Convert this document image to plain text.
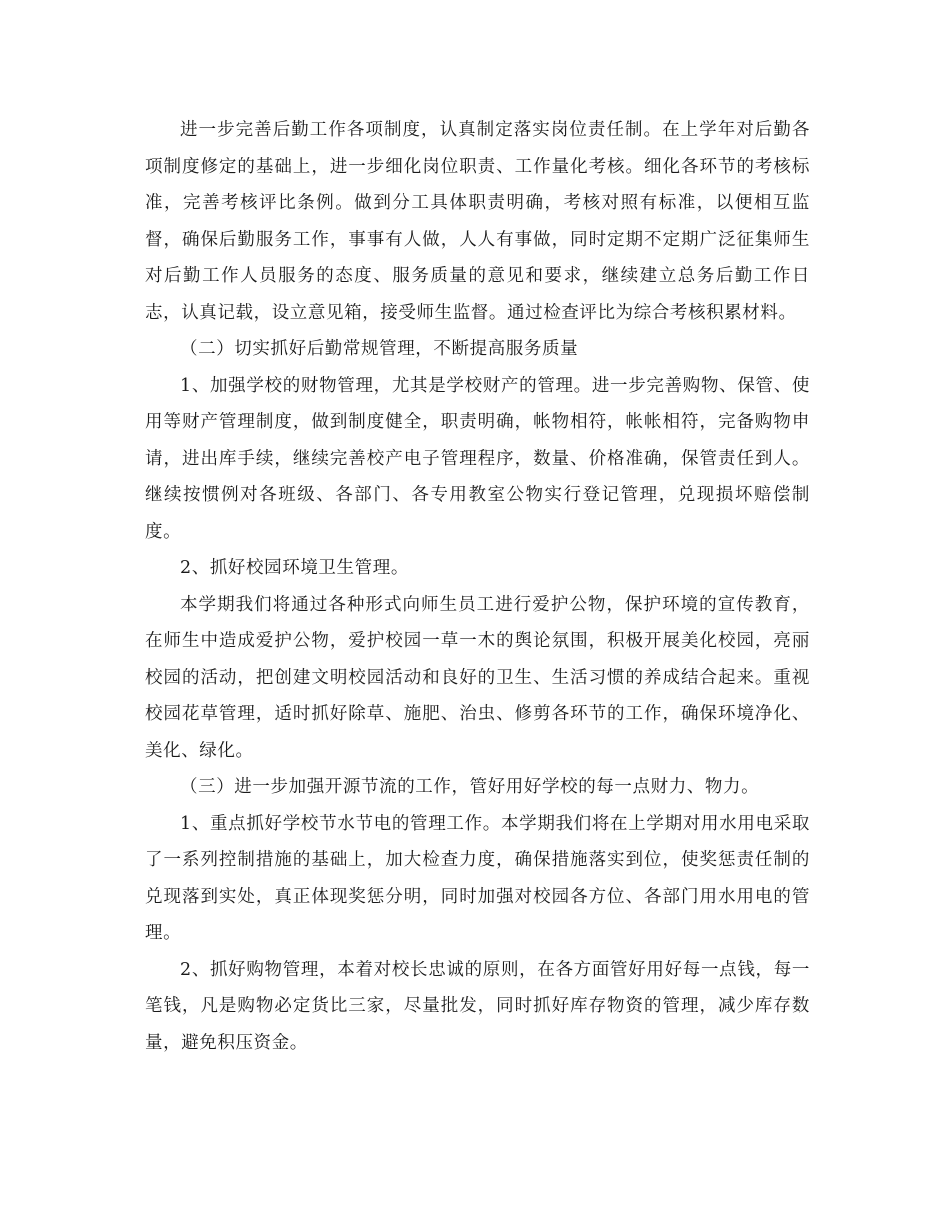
进一步完善后勤工作各项制度，认真制定落实岗位责任制。在上学年对后勤各项制度修定的基础上，进一步细化岗位职责、工作量化考核。细化各环节的考核标准，完善考核评比条例。做到分工具体职责明确，考核对照有标准，以便相互监督，确保后勤服务工作，事事有人做，人人有事做，同时定期不定期广泛征集师生对后勤工作人员服务的态度、服务质量的意见和要求，继续建立总务后勤工作日志，认真记载，设立意见箱，接受师生监督。通过检查评比为综合考核积累材料。

（二）切实抓好后勤常规管理，不断提高服务质量

1、加强学校的财物管理，尤其是学校财产的管理。进一步完善购物、保管、使用等财产管理制度，做到制度健全，职责明确，帐物相符，帐帐相符，完备购物申请，进出库手续，继续完善校产电子管理程序，数量、价格准确，保管责任到人。继续按惯例对各班级、各部门、各专用教室公物实行登记管理，兑现损坏赔偿制度。

2、抓好校园环境卫生管理。

本学期我们将通过各种形式向师生员工进行爱护公物，保护环境的宣传教育，在师生中造成爱护公物，爱护校园一草一木的舆论氛围，积极开展美化校园，亮丽校园的活动，把创建文明校园活动和良好的卫生、生活习惯的养成结合起来。重视校园花草管理，适时抓好除草、施肥、治虫、修剪各环节的工作，确保环境净化、美化、绿化。

（三）进一步加强开源节流的工作，管好用好学校的每一点财力、物力。

1、重点抓好学校节水节电的管理工作。本学期我们将在上学期对用水用电采取了一系列控制措施的基础上，加大检查力度，确保措施落实到位，使奖惩责任制的兑现落到实处，真正体现奖惩分明，同时加强对校园各方位、各部门用水用电的管理。

2、抓好购物管理，本着对校长忠诚的原则，在各方面管好用好每一点钱，每一笔钱，凡是购物必定货比三家，尽量批发，同时抓好库存物资的管理，减少库存数量，避免积压资金。
